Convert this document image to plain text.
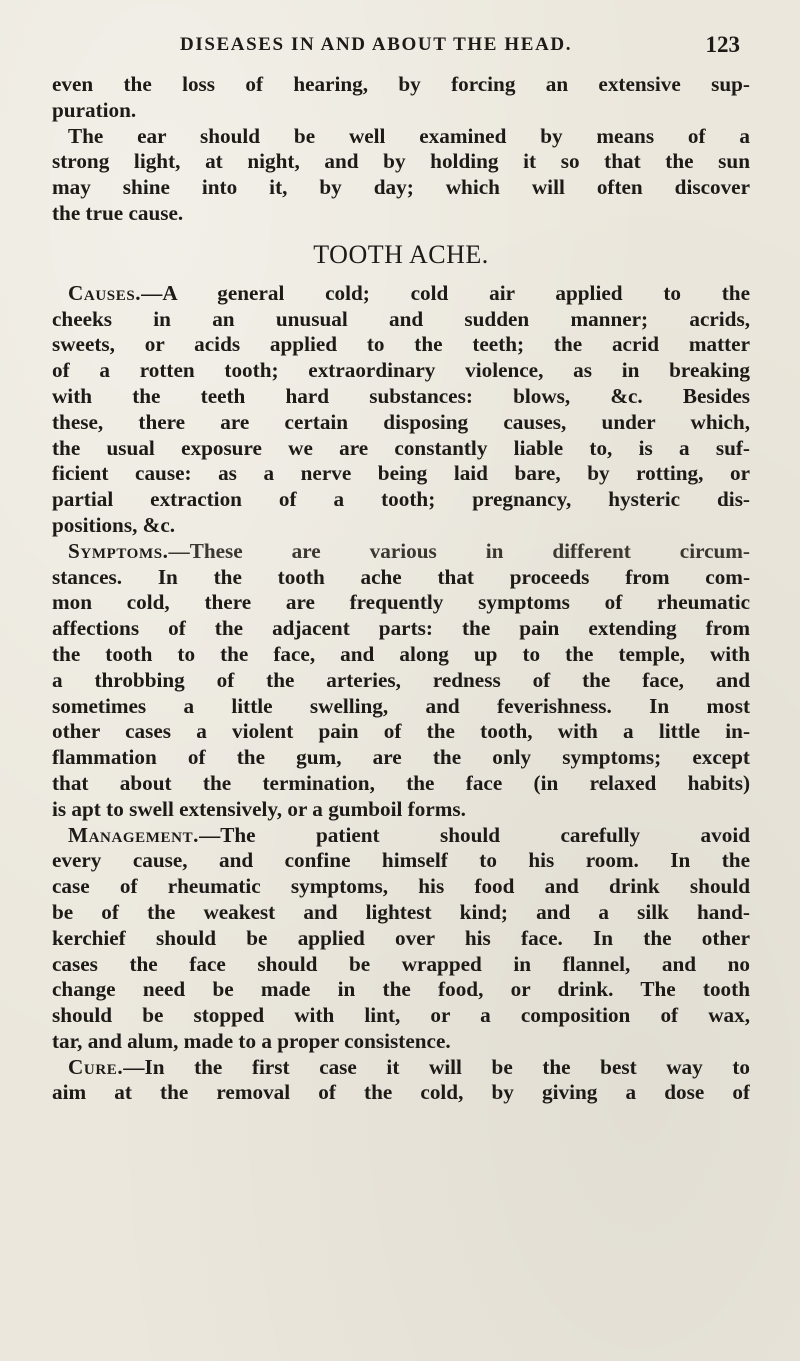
DISEASES IN AND ABOUT THE HEAD.	123
even the loss of hearing, by forcing an extensive sup-
puration.
The ear should be well examined by means of a
strong light, at night, and by holding it so that the sun
may shine into it, by day; which will often discover
the true cause.
TOOTH ACHE.
Causes.—A general cold; cold air applied to the
cheeks in an unusual and sudden manner; acrids,
sweets, or acids applied to the teeth; the acrid matter
of a rotten tooth; extraordinary violence, as in breaking
with the teeth hard substances: blows, &c. Besides
these, there are certain disposing causes, under which,
the usual exposure we are constantly liable to, is a suf-
ficient cause: as a nerve being laid bare, by rotting, or
partial extraction of a tooth; pregnancy, hysteric dis-
positions, &c.
Symptoms.—These are various in different circum-
stances. In the tooth ache that proceeds from com-
mon cold, there are frequently symptoms of rheumatic
affections of the adjacent parts: the pain extending from
the tooth to the face, and along up to the temple, with
a throbbing of the arteries, redness of the face, and
sometimes a little swelling, and feverishness. In most
other cases a violent pain of the tooth, with a little in-
flammation of the gum, are the only symptoms; except
that about the termination, the face (in relaxed habits)
is apt to swell extensively, or a gumboil forms.
Management.—The patient should carefully avoid
every cause, and confine himself to his room. In the
case of rheumatic symptoms, his food and drink should
be of the weakest and lightest kind; and a silk hand-
kerchief should be applied over his face. In the other
cases the face should be wrapped in flannel, and no
change need be made in the food, or drink. The tooth
should be stopped with lint, or a composition of wax,
tar, and alum, made to a proper consistence.
Cure.—In the first case it will be the best way to
aim at the removal of the cold, by giving a dose of
